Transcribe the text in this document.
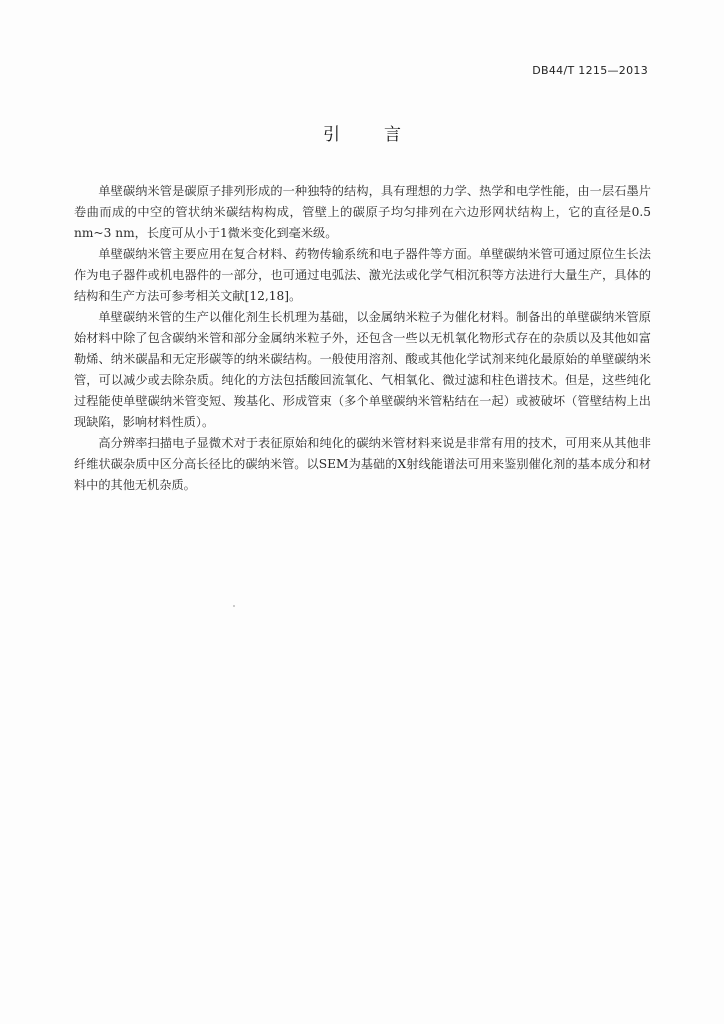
DB44/T 1215—2013
引言

单壁碳纳米管是碳原子排列形成的一种独特的结构，具有理想的力学、热学和电学性能，由一层石墨片卷曲而成的中空的管状纳米碳结构构成，管壁上的碳原子均匀排列在六边形网状结构上，它的直径是0.5 nm~3 nm，长度可从小于1微米变化到毫米级。

单壁碳纳米管主要应用在复合材料、药物传输系统和电子器件等方面。单壁碳纳米管可通过原位生长法作为电子器件或机电器件的一部分，也可通过电弧法、激光法或化学气相沉积等方法进行大量生产，具体的结构和生产方法可参考相关文献[12,18]。

单壁碳纳米管的生产以催化剂生长机理为基础，以金属纳米粒子为催化材料。制备出的单壁碳纳米管原始材料中除了包含碳纳米管和部分金属纳米粒子外，还包含一些以无机氧化物形式存在的杂质以及其他如富勒烯、纳米碳晶和无定形碳等的纳米碳结构。一般使用溶剂、酸或其他化学试剂来纯化最原始的单壁碳纳米管，可以减少或去除杂质。纯化的方法包括酸回流氧化、气相氧化、微过滤和柱色谱技术。但是，这些纯化过程能使单壁碳纳米管变短、羧基化、形成管束（多个单壁碳纳米管粘结在一起）或被破坏（管壁结构上出现缺陷，影响材料性质）。

高分辨率扫描电子显微术对于表征原始和纯化的碳纳米管材料来说是非常有用的技术，可用来从其他非纤维状碳杂质中区分高长径比的碳纳米管。以SEM为基础的X射线能谱法可用来鉴别催化剂的基本成分和材料中的其他无机杂质。
